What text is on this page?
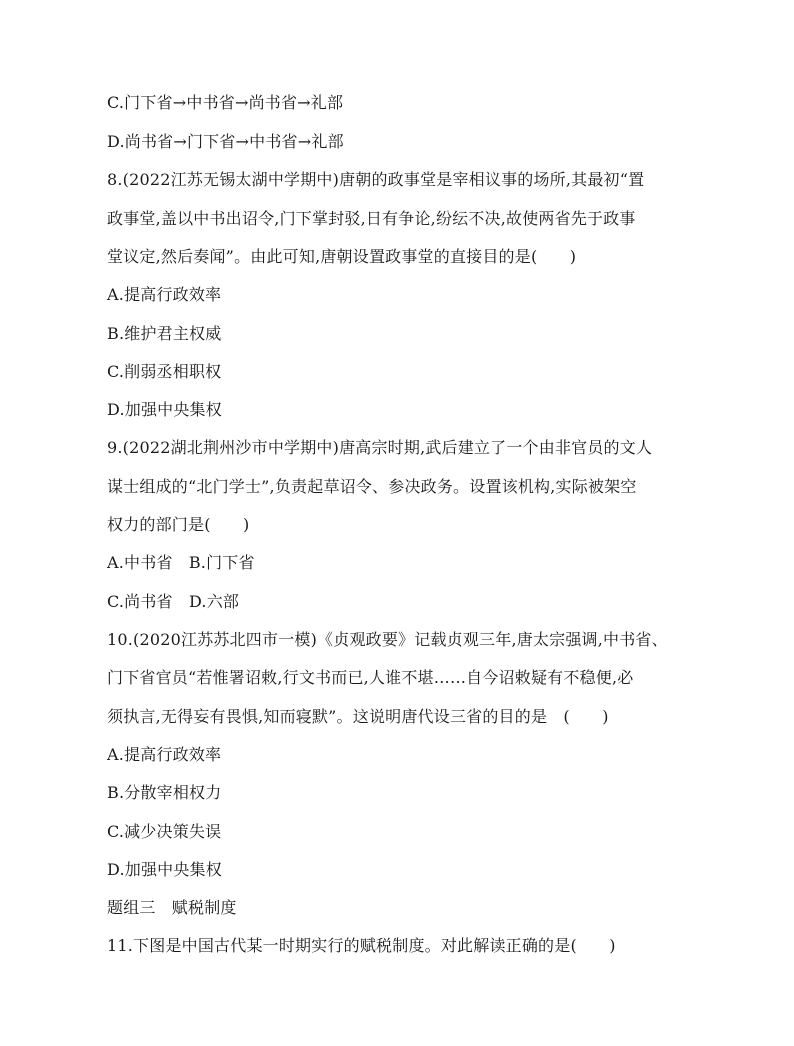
C.门下省→中书省→尚书省→礼部
D.尚书省→门下省→中书省→礼部
8.(2022江苏无锡太湖中学期中)唐朝的政事堂是宰相议事的场所,其最初“置
政事堂,盖以中书出诏令,门下掌封驳,日有争论,纷纭不决,故使两省先于政事
堂议定,然后奏闻”。由此可知,唐朝设置政事堂的直接目的是(　　)
A.提高行政效率
B.维护君主权威
C.削弱丞相职权
D.加强中央集权
9.(2022湖北荆州沙市中学期中)唐高宗时期,武后建立了一个由非官员的文人
谋士组成的“北门学士”,负责起草诏令、参决政务。设置该机构,实际被架空
权力的部门是(　　)
A.中书省　B.门下省
C.尚书省　D.六部
10.(2020江苏苏北四市一模)《贞观政要》记载贞观三年,唐太宗强调,中书省、
门下省官员“若惟署诏敕,行文书而已,人谁不堪……自今诏敕疑有不稳便,必
须执言,无得妄有畏惧,知而寝默”。这说明唐代设三省的目的是　(　　)
A.提高行政效率
B.分散宰相权力
C.减少决策失误
D.加强中央集权
题组三　赋税制度
11.下图是中国古代某一时期实行的赋税制度。对此解读正确的是(　　)
